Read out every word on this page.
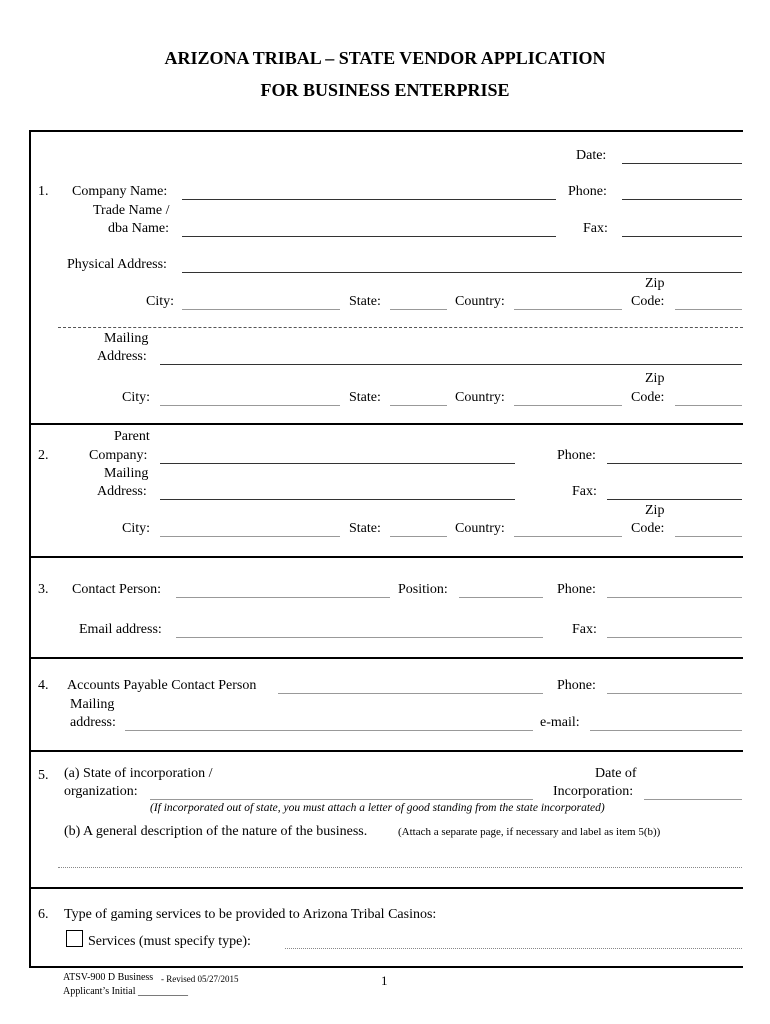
ARIZONA TRIBAL – STATE VENDOR APPLICATION
FOR BUSINESS ENTERPRISE
Date:
1. Company Name:	Phone:
Trade Name /
dba Name:	Fax:
Physical Address:
Zip
City:	State:	Country:	Code:
Mailing
Address:
Zip
City:	State:	Country:	Code:
Parent
2.	Company:	Phone:
Mailing
Address:	Fax:
Zip
City:	State:	Country:	Code:
3. Contact Person:	Position:	Phone:
Email address:	Fax:
4. Accounts Payable Contact Person	Phone:
Mailing
address:	e-mail:
5. (a) State of incorporation /
organization:
Date of
Incorporation:
(If incorporated out of state, you must attach a letter of good standing from the state incorporated)
(b) A general description of the nature of the business.	(Attach a separate page, if necessary and label as item 5(b))
6. Type of gaming services to be provided to Arizona Tribal Casinos:
Services (must specify type):
ATSV-900 D Business - Revised 05/27/2015
Applicant’s Initial __________
1
